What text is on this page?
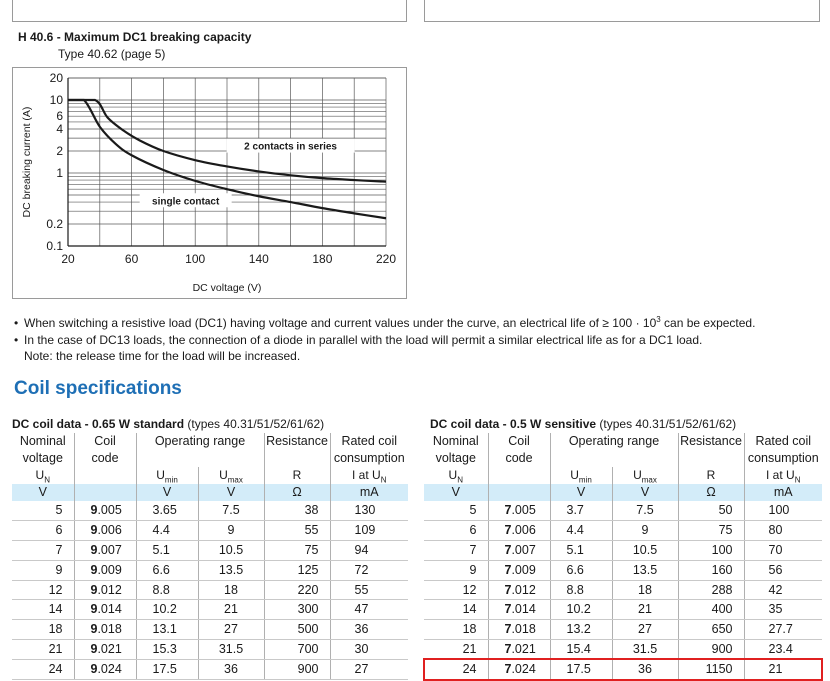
H 40.6 - Maximum DC1 breaking capacity
Type 40.62 (page 5)
2 contacts in series
single contact
20
10
6
4
2
1
0.2
0.1
20	60	100	140	180	220
DC voltage (V)
DC breaking current (A)
• When switching a resistive load (DC1) having voltage and current values under the curve, an electrical life of ≥ $100 \cdot 10^3$ can be expected.
• In the case of DC13 loads, the connection of a diode in parallel with the load will permit a similar electrical life as for a DC1 load.
Note: the release time for the load will be increased.
Coil specifications
DC coil data - 0.65 W standard (types 40.31/51/52/61/62)	DC coil data - 0.5 W sensitive (types 40.31/51/52/61/62)
Nominal
voltage	Coil
code	Operating range		Resistance	Rated coil
consumption
$U_N$		$U_{min}$	$U_{max}$	R	I at $U_N$
V		V	V	Ω	mA
5	9.005	3.65	7.5	38	130
6	9.006	4.4	9	55	109
7	9.007	5.1	10.5	75	94
9	9.009	6.6	13.5	125	72
12	9.012	8.8	18	220	55
14	9.014	10.2	21	300	47
18	9.018	13.1	27	500	36
21	9.021	15.3	31.5	700	30
24	9.024	17.5	36	900	27
Nominal
voltage	Coil
code	Operating range		Resistance	Rated coil
consumption
$U_N$		$U_{min}$	$U_{max}$	R	I at $U_N$
V		V	V	Ω	mA
5	7.005	3.7	7.5	50	100
6	7.006	4.4	9	75	80
7	7.007	5.1	10.5	100	70
9	7.009	6.6	13.5	160	56
12	7.012	8.8	18	288	42
14	7.014	10.2	21	400	35
18	7.018	13.2	27	650	27.7
21	7.021	15.4	31.5	900	23.4
24	7.024	17.5	36	1150	21
